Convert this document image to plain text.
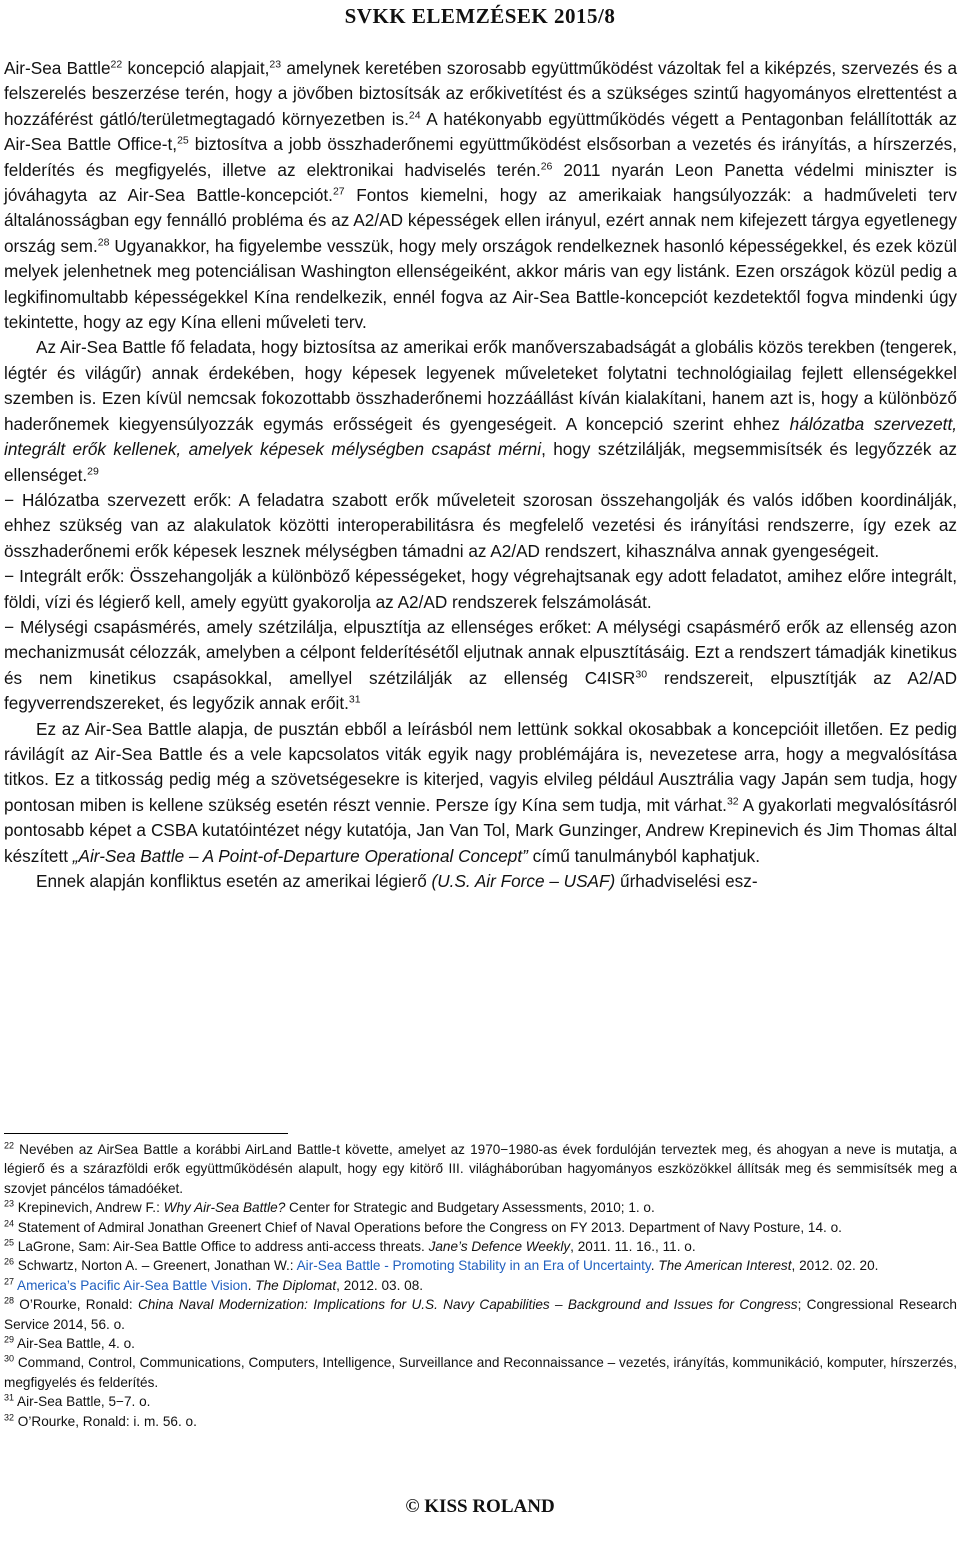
SVKK ELEMZÉSEK 2015/8

Air-Sea Battle$^{22}$ koncepció alapjait,$^{23}$ amelynek keretében szorosabb együttműködést vázoltak fel a kiképzés, szervezés és a felszerelés beszerzése terén, hogy a jövőben biztosítsák az erőkivetítést és a szükséges szintű hagyományos elrettentést a hozzáférést gátló/területmegtagadó környezetben is.$^{24}$ A hatékonyabb együttműködés végett a Pentagonban felállították az Air-Sea Battle Office-t,$^{25}$ biztosítva a jobb összhaderőnemi együttműködést elsősorban a vezetés és irányítás, a hírszerzés, felderítés és megfigyelés, illetve az elektronikai hadviselés terén.$^{26}$ 2011 nyarán Leon Panetta védelmi miniszter is jóváhagyta az Air-Sea Battle-koncepciót.$^{27}$ Fontos kiemelni, hogy az amerikaiak hangsúlyozzák: a hadműveleti terv általánosságban egy fennálló probléma és az A2/AD képességek ellen irányul, ezért annak nem kifejezett tárgya egyetlenegy ország sem.$^{28}$ Ugyanakkor, ha figyelembe vesszük, hogy mely országok rendelkeznek hasonló képességekkel, és ezek közül melyek jelenhetnek meg potenciálisan Washington ellenségeiként, akkor máris van egy listánk. Ezen országok közül pedig a legkifinomultabb képességekkel Kína rendelkezik, ennél fogva az Air-Sea Battle-koncepciót kezdetektől fogva mindenki úgy tekintette, hogy az egy Kína elleni műveleti terv.

Az Air-Sea Battle fő feladata, hogy biztosítsa az amerikai erők manőverszabadságát a globális közös terekben (tengerek, légtér és világűr) annak érdekében, hogy képesek legyenek műveleteket folytatni technológiailag fejlett ellenségekkel szemben is. Ezen kívül nemcsak fokozottabb összhaderőnemi hozzáállást kíván kialakítani, hanem azt is, hogy a különböző haderőnemek kiegyensúlyozzák egymás erősségeit és gyengeségeit. A koncepció szerint ehhez hálózatba szervezett, integrált erők kellenek, amelyek képesek mélységben csapást mérni, hogy szétzilálják, megsemmisítsék és legyőzzék az ellenséget.$^{29}$

− Hálózatba szervezett erők: A feladatra szabott erők műveleteit szorosan összehangolják és valós időben koordinálják, ehhez szükség van az alakulatok közötti interoperabilitásra és megfelelő vezetési és irányítási rendszerre, így ezek az összhaderőnemi erők képesek lesznek mélységben támadni az A2/AD rendszert, kihasználva annak gyengeségeit.

− Integrált erők: Összehangolják a különböző képességeket, hogy végrehajtsanak egy adott feladatot, amihez előre integrált, földi, vízi és légierő kell, amely együtt gyakorolja az A2/AD rendszerek felszámolását.

− Mélységi csapásmérés, amely szétzilálja, elpusztítja az ellenséges erőket: A mélységi csapásmérő erők az ellenség azon mechanizmusát célozzák, amelyben a célpont felderítésétől eljutnak annak elpusztításáig. Ezt a rendszert támadják kinetikus és nem kinetikus csapásokkal, amellyel szétzilálják az ellenség C4ISR$^{30}$ rendszereit, elpusztítják az A2/AD fegyverrendszereket, és legyőzik annak erőit.$^{31}$

Ez az Air-Sea Battle alapja, de pusztán ebből a leírásból nem lettünk sokkal okosabbak a koncepcióit illetően. Ez pedig rávilágít az Air-Sea Battle és a vele kapcsolatos viták egyik nagy problémájára is, nevezetese arra, hogy a megvalósítása titkos. Ez a titkosság pedig még a szövetségesekre is kiterjed, vagyis elvileg például Ausztrália vagy Japán sem tudja, hogy pontosan miben is kellene szükség esetén részt vennie. Persze így Kína sem tudja, mit várhat.$^{32}$ A gyakorlati megvalósításról pontosabb képet a CSBA kutatóintézet négy kutatója, Jan Van Tol, Mark Gunzinger, Andrew Krepinevich és Jim Thomas által készített „Air-Sea Battle – A Point-of-Departure Operational Concept” című tanulmányból kaphatjuk.

Ennek alapján konfliktus esetén az amerikai légierő (U.S. Air Force – USAF) űrhadviselési esz-

$^{22}$ Nevében az AirSea Battle a korábbi AirLand Battle-t követte, amelyet az 1970−1980-as évek fordulóján terveztek meg, és ahogyan a neve is mutatja, a légierő és a szárazföldi erők együttműködésén alapult, hogy egy kitörő III. világháborúban hagyományos eszközökkel állítsák meg és semmisítsék meg a szovjet páncélos támadóéket.

$^{23}$ Krepinevich, Andrew F.: Why Air-Sea Battle? Center for Strategic and Budgetary Assessments, 2010; 1. o.

$^{24}$ Statement of Admiral Jonathan Greenert Chief of Naval Operations before the Congress on FY 2013. Department of Navy Posture, 14. o.

$^{25}$ LaGrone, Sam: Air-Sea Battle Office to address anti-access threats. Jane’s Defence Weekly, 2011. 11. 16., 11. o.

$^{26}$ Schwartz, Norton A. – Greenert, Jonathan W.: Air-Sea Battle - Promoting Stability in an Era of Uncertainty. The American Interest, 2012. 02. 20.

$^{27}$ America’s Pacific Air-Sea Battle Vision. The Diplomat, 2012. 03. 08.

$^{28}$ O’Rourke, Ronald: China Naval Modernization: Implications for U.S. Navy Capabilities – Background and Issues for Congress; Congressional Research Service 2014, 56. o.

$^{29}$ Air-Sea Battle, 4. o.

$^{30}$ Command, Control, Communications, Computers, Intelligence, Surveillance and Reconnaissance – vezetés, irányítás, kommunikáció, komputer, hírszerzés, megfigyelés és felderítés.

$^{31}$ Air-Sea Battle, 5−7. o.

$^{32}$ O’Rourke, Ronald: i. m. 56. o.

© KISS ROLAND
